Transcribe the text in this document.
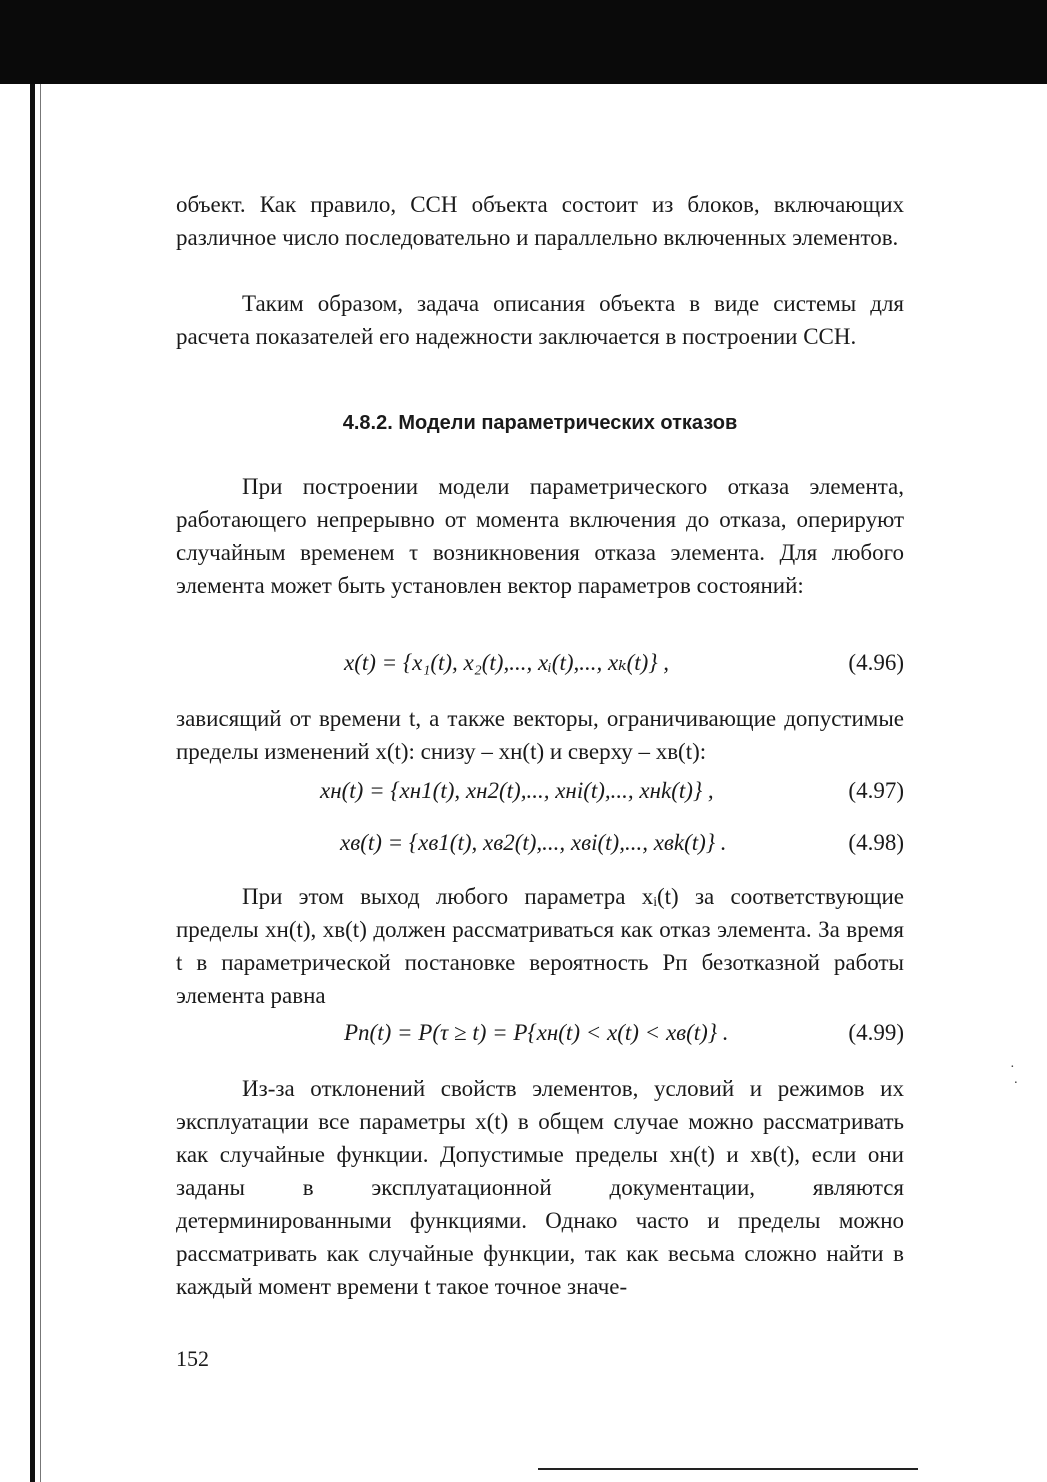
объект. Как правило, ССН объекта состоит из блоков, включающих различное число последовательно и параллельно включенных элементов.

Таким образом, задача описания объекта в виде системы для расчета показателей его надежности заключается в построении ССН.

4.8.2. Модели параметрических отказов

При построении модели параметрического отказа элемента, работающего непрерывно от момента включения до отказа, оперируют случайным временем τ возникновения отказа элемента. Для любого элемента может быть установлен вектор параметров состояний:

x(t) = {x₁(t), x₂(t),..., xᵢ(t),..., xₖ(t)} ,	(4.96)

зависящий от времени t, а также векторы, ограничивающие допустимые пределы изменений x(t): снизу – xн(t) и сверху – xв(t):

xн(t) = {xн1(t), xн2(t),..., xнi(t),..., xнk(t)} ,	(4.97)
xв(t) = {xв1(t), xв2(t),..., xвi(t),..., xвk(t)} .	(4.98)

При этом выход любого параметра xᵢ(t) за соответствующие пределы xн(t), xв(t) должен рассматриваться как отказ элемента. За время t в параметрической постановке вероятность Pп безотказной работы элемента равна

Pп(t) = P(τ ≥ t) = P{xн(t) < x(t) < xв(t)} .	(4.99)

Из-за отклонений свойств элементов, условий и режимов их эксплуатации все параметры x(t) в общем случае можно рассматривать как случайные функции. Допустимые пределы xн(t) и xв(t), если они заданы в эксплуатационной документации, являются детерминированными функциями. Однако часто и пределы можно рассматривать как случайные функции, так как весьма сложно найти в каждый момент времени t такое точное значе-

152
·
·
